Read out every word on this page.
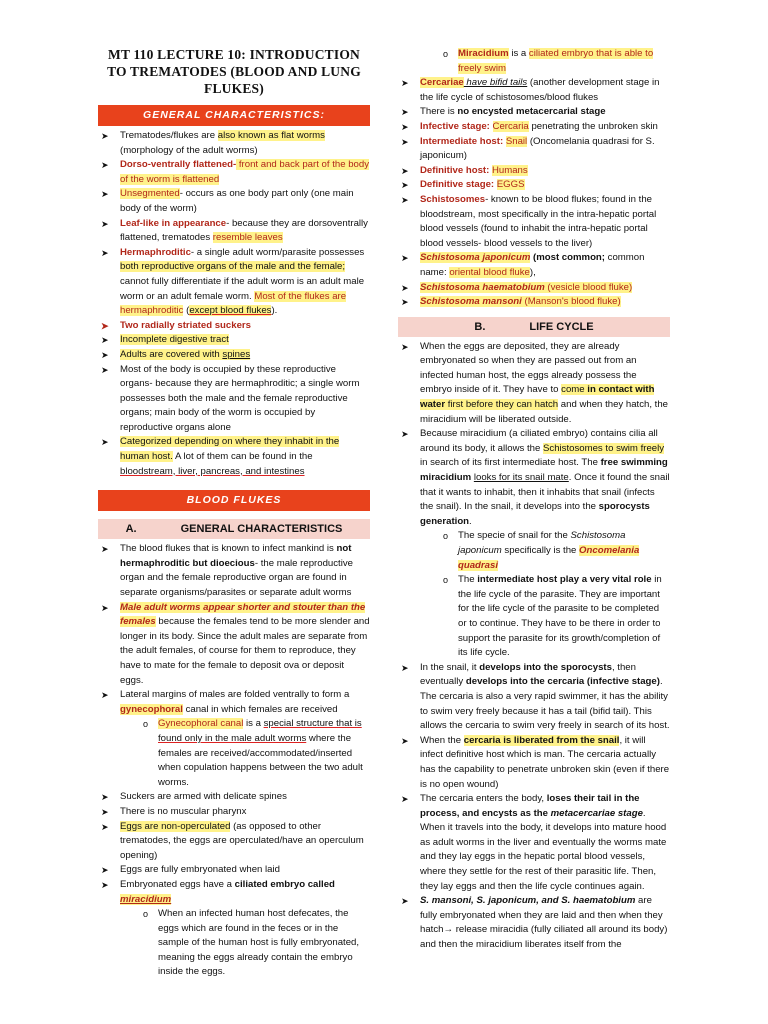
MT 110 LECTURE 10: INTRODUCTION TO TREMATODES (BLOOD AND LUNG FLUKES)
GENERAL CHARACTERISTICS:
➤ Trematodes/flukes are also known as flat worms (morphology of the adult worms)
➤ Dorso-ventrally flattened- front and back part of the body of the worm is flattened
➤ Unsegmented- occurs as one body part only (one main body of the worm)
➤ Leaf-like in appearance- because they are dorsoventrally flattened, trematodes resemble leaves
➤ Hermaphroditic- a single adult worm/parasite possesses both reproductive organs of the male and the female; cannot fully differentiate if the adult worm is an adult male worm or an adult female worm. Most of the flukes are hermaphroditic (except blood flukes).
➤ Two radially striated suckers
➤ Incomplete digestive tract
➤ Adults are covered with spines
➤ Most of the body is occupied by these reproductive organs- because they are hermaphroditic; a single worm possesses both the male and the female reproductive organs; main body of the worm is occupied by reproductive organs alone
➤ Categorized depending on where they inhabit in the human host. A lot of them can be found in the bloodstream, liver, pancreas, and intestines
BLOOD FLUKES
A.	GENERAL CHARACTERISTICS
➤ The blood flukes that is known to infect mankind is not hermaphroditic but dioecious- the male reproductive organ and the female reproductive organ are found in separate organisms/parasites or separate adult worms
➤ Male adult worms appear shorter and stouter than the females because the females tend to be more slender and longer in its body. Since the adult males are separate from the adult females, of course for them to reproduce, they have to mate for the female to deposit ova or deposit eggs.
➤ Lateral margins of males are folded ventrally to form a gynecophoral canal in which females are received
o Gynecophoral canal is a special structure that is found only in the male adult worms where the females are received/accommodated/inserted when copulation happens between the two adult worms.
➤ Suckers are armed with delicate spines
➤ There is no muscular pharynx
➤ Eggs are non-operculated (as opposed to other trematodes, the eggs are operculated/have an operculum opening)
➤ Eggs are fully embryonated when laid
➤ Embryonated eggs have a ciliated embryo called miracidium
o When an infected human host defecates, the eggs which are found in the feces or in the sample of the human host is fully embryonated, meaning the eggs already contain the embryo inside the eggs.
o Miracidium is a ciliated embryo that is able to freely swim
➤ Cercariae have bifid tails (another development stage in the life cycle of schistosomes/blood flukes
➤ There is no encysted metacercarial stage
➤ Infective stage: Cercaria penetrating the unbroken skin
➤ Intermediate host: Snail (Oncomelania quadrasi for S. japonicum)
➤ Definitive host: Humans
➤ Definitive stage: EGGS
➤ Schistosomes- known to be blood flukes; found in the bloodstream, most specifically in the intra-hepatic portal blood vessels (found to inhabit the intra-hepatic portal blood vessels- blood vessels to the liver)
➤ Schistosoma japonicum (most common; common name: oriental blood fluke),
➤ Schistosoma haematobium (vesicle blood fluke)
➤ Schistosoma mansoni (Manson's blood fluke)
B.	LIFE CYCLE
➤ When the eggs are deposited, they are already embryonated so when they are passed out from an infected human host, the eggs already possess the embryo inside of it. They have to come in contact with water first before they can hatch and when they hatch, the miracidium will be liberated outside.
➤ Because miracidium (a ciliated embryo) contains cilia all around its body, it allows the Schistosomes to swim freely in search of its first intermediate host. The free swimming miracidium looks for its snail mate. Once it found the snail that it wants to inhabit, then it inhabits that snail (infects the snail). In the snail, it develops into the sporocysts generation.
o The specie of snail for the Schistosoma japonicum specifically is the Oncomelania quadrasi
o The intermediate host play a very vital role in the life cycle of the parasite. They are important for the life cycle of the parasite to be completed or to continue. They have to be there in order to support the parasite for its growth/completion of its life cycle.
➤ In the snail, it develops into the sporocysts, then eventually develops into the cercaria (infective stage). The cercaria is also a very rapid swimmer, it has the ability to swim very freely because it has a tail (bifid tail). This allows the cercaria to swim very freely in search of its host.
➤ When the cercaria is liberated from the snail, it will infect definitive host which is man. The cercaria actually has the capability to penetrate unbroken skin (even if there is no open wound)
➤ The cercaria enters the body, loses their tail in the process, and encysts as the metacercariae stage. When it travels into the body, it develops into mature hood as adult worms in the liver and eventually the worms mate and they lay eggs in the hepatic portal blood vessels, where they settle for the rest of their parasitic life. Then, they lay eggs and then the life cycle continues again.
➤ S. mansoni, S. japonicum, and S. haematobium are fully embryonated when they are laid and then when they hatch→ release miracidia (fully ciliated all around its body) and then the miracidium liberates itself from the
